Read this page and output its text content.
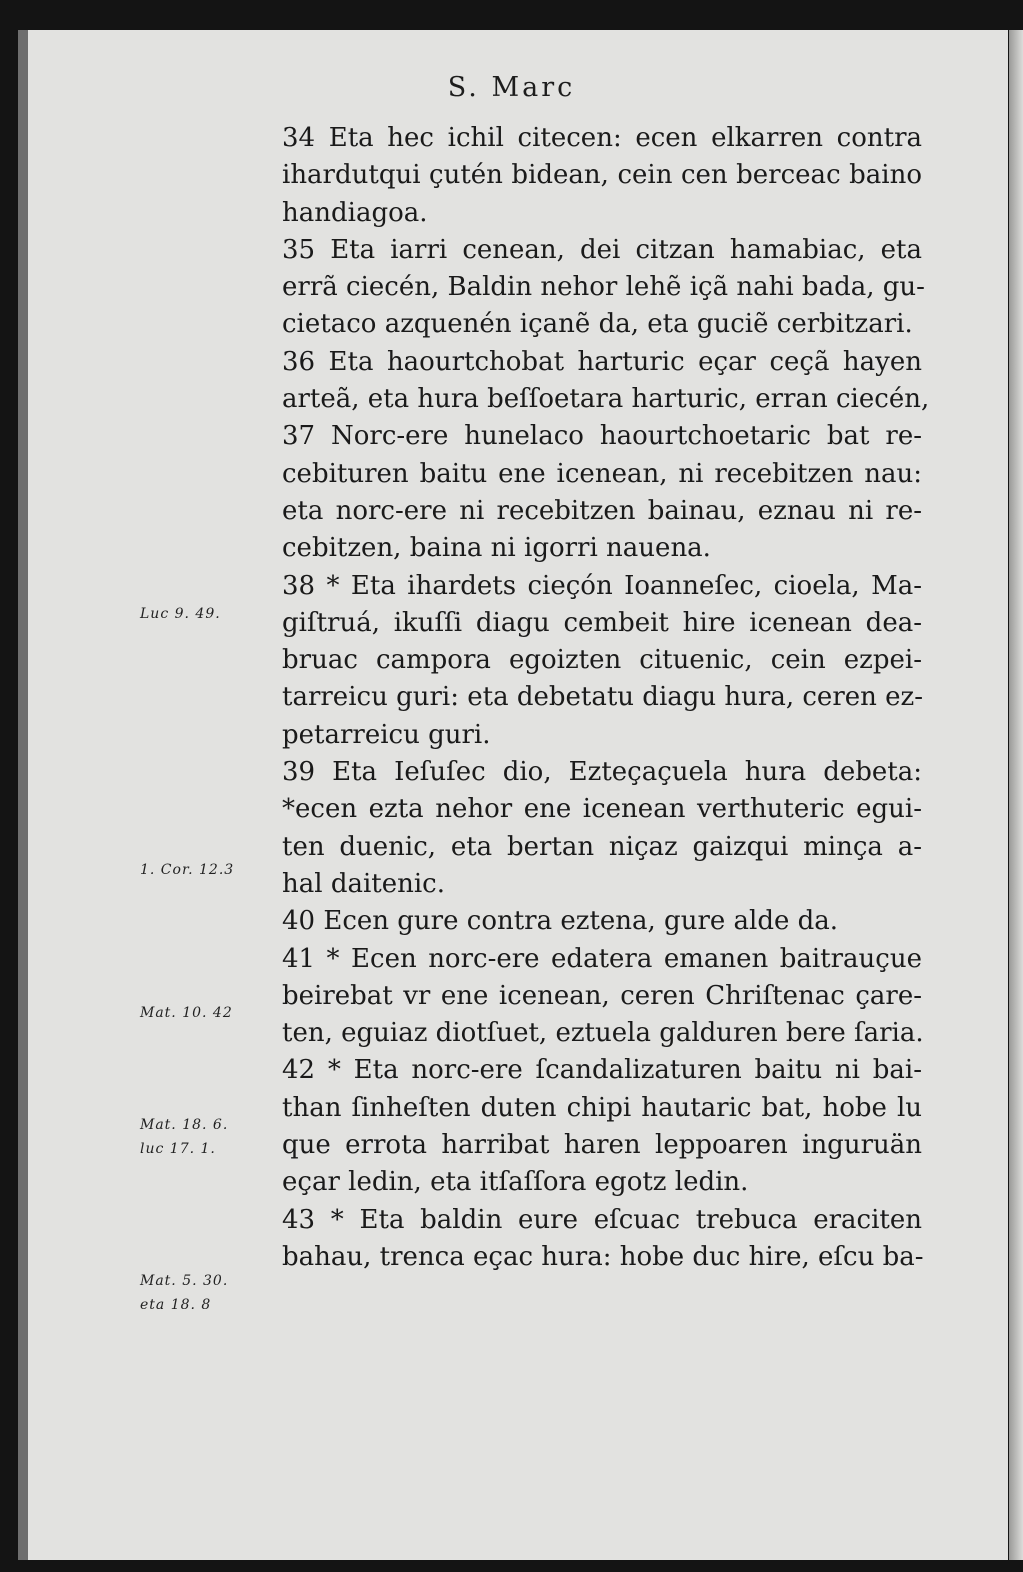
S. Marc
34 Eta hec ichil citecen: ecen elkarren contra
ihardutqui çutén bidean, cein cen berceac baino
handiagoa.
35 Eta iarri cenean, dei citzan hamabiac, eta
errã ciecén, Baldin nehor lehẽ içã nahi bada, gu-
cietaco azquenén içanẽ da, eta guciẽ cerbitzari.
36 Eta haourtchobat harturic eçar ceçã hayen
arteã, eta hura beſſoetara harturic, erran ciecén,
37 Norc-ere hunelaco haourtchoetaric bat re-
cebituren baitu ene icenean, ni recebitzen nau:
eta norc-ere ni recebitzen bainau, eznau ni re-
cebitzen, baina ni igorri nauena.
38 * Eta ihardets cieçón Ioanneſec, cioela, Ma-
giſtruá, ikuſſi diagu cembeit hire icenean dea-
bruac campora egoizten cituenic, cein ezpei-
tarreicu guri: eta debetatu diagu hura, ceren ez-
petarreicu guri.
39 Eta Ieſuſec dio, Ezteçaçuela hura debeta:
*ecen ezta nehor ene icenean verthuteric egui-
ten duenic, eta bertan niçaz gaizqui minça a-
hal daitenic.
40 Ecen gure contra eztena, gure alde da.
41 * Ecen norc-ere edatera emanen baitrauçue
beirebat vr ene icenean, ceren Chriſtenac çare-
ten, eguiaz diotſuet, eztuela galduren bere ſaria.
42 * Eta norc-ere ſcandalizaturen baitu ni bai-
than ſinheſten duten chipi hautaric bat, hobe lu
que errota harribat haren leppoaren inguruän
eçar ledin, eta itſaſſora egotz ledin.
43 * Eta baldin eure eſcuac trebuca eraciten
bahau, trenca eçac hura: hobe duc hire, eſcu ba-
Luc 9. 49.
1. Cor. 12.3
Mat. 10. 42
Mat. 18. 6.
luc 17. 1.
Mat. 5. 30.
eta 18. 8
